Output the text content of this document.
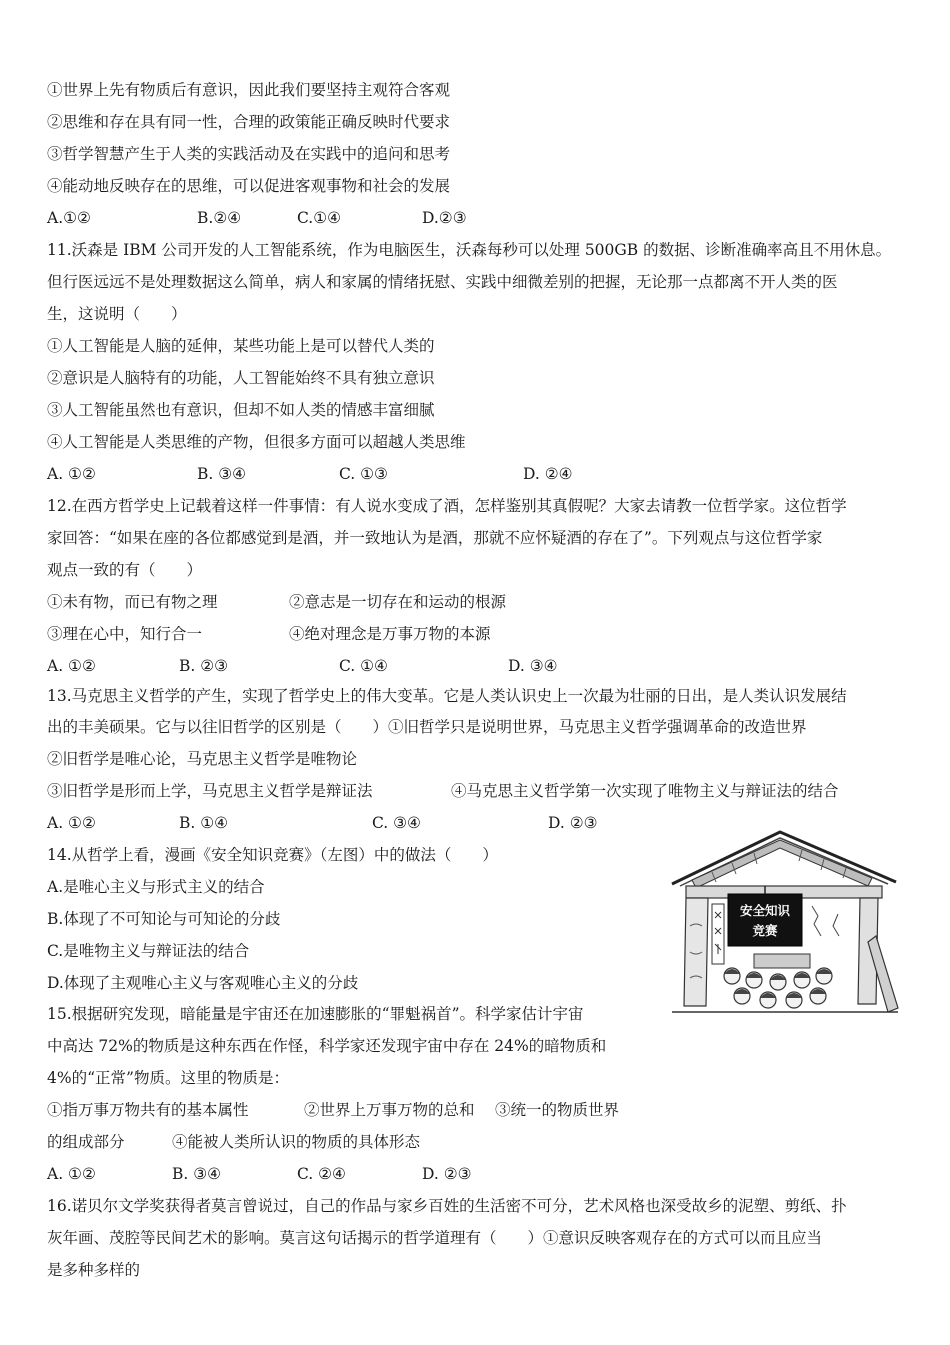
①世界上先有物质后有意识，因此我们要坚持主观符合客观
②思维和存在具有同一性，合理的政策能正确反映时代要求
③哲学智慧产生于人类的实践活动及在实践中的追问和思考
④能动地反映存在的思维，可以促进客观事物和社会的发展
A.①②	B.②④	C.①④	D.②③
11.沃森是 IBM 公司开发的人工智能系统，作为电脑医生，沃森每秒可以处理 500GB 的数据、诊断准确率高且不用休息。
但行医远远不是处理数据这么简单，病人和家属的情绪抚慰、实践中细微差别的把握，无论那一点都离不开人类的医
生，这说明（　　）
①人工智能是人脑的延伸，某些功能上是可以替代人类的
②意识是人脑特有的功能，人工智能始终不具有独立意识
③人工智能虽然也有意识，但却不如人类的情感丰富细腻
④人工智能是人类思维的产物，但很多方面可以超越人类思维
A. ①②	B. ③④	C. ①③	D. ②④
12.在西方哲学史上记载着这样一件事情：有人说水变成了酒，怎样鉴别其真假呢？大家去请教一位哲学家。这位哲学
家回答：“如果在座的各位都感觉到是酒，并一致地认为是酒，那就不应怀疑酒的存在了”。下列观点与这位哲学家
观点一致的有（　　）
①未有物，而已有物之理	②意志是一切存在和运动的根源
③理在心中，知行合一	④绝对理念是万事万物的本源
A. ①②	B. ②③	C. ①④	D. ③④
13.马克思主义哲学的产生，实现了哲学史上的伟大变革。它是人类认识史上一次最为壮丽的日出，是人类认识发展结
出的丰美硕果。它与以往旧哲学的区别是（　　）①旧哲学只是说明世界，马克思主义哲学强调革命的改造世界
②旧哲学是唯心论，马克思主义哲学是唯物论
③旧哲学是形而上学，马克思主义哲学是辩证法	④马克思主义哲学第一次实现了唯物主义与辩证法的结合
A. ①②	B. ①④	C. ③④	D. ②③
14.从哲学上看，漫画《安全知识竞赛》（左图）中的做法（　　）
A.是唯心主义与形式主义的结合
B.体现了不可知论与可知论的分歧
C.是唯物主义与辩证法的结合
D.体现了主观唯心主义与客观唯心主义的分歧
安全知识
竞赛
15.根据研究发现，暗能量是宇宙还在加速膨胀的“罪魁祸首”。科学家估计宇宙
中高达 72%的物质是这种东西在作怪，科学家还发现宇宙中存在 24%的暗物质和
4%的“正常”物质。这里的物质是：
①指万事万物共有的基本属性	②世界上万事万物的总和 ③统一的物质世界
的组成部分	④能被人类所认识的物质的具体形态
A. ①②	B. ③④	C. ②④	D. ②③
16.诺贝尔文学奖获得者莫言曾说过，自己的作品与家乡百姓的生活密不可分，艺术风格也深受故乡的泥塑、剪纸、扑
灰年画、茂腔等民间艺术的影响。莫言这句话揭示的哲学道理有（　　）①意识反映客观存在的方式可以而且应当
是多种多样的
